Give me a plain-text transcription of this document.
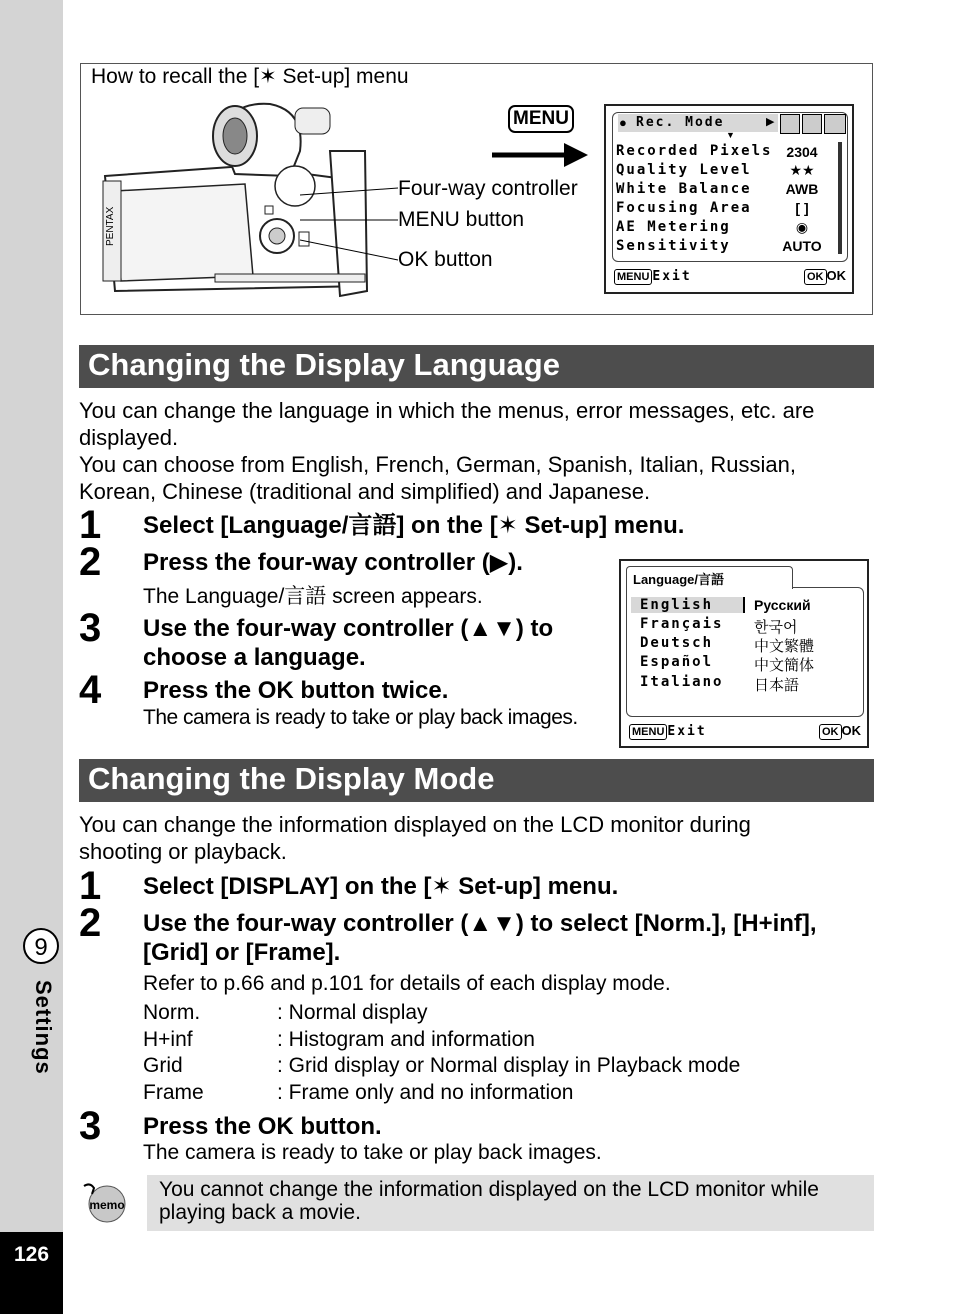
9
Settings
126
How to recall the [✶ Set-up] menu
PENTAX
Four-way controller
MENU button
OK button
MENU	● Rec. Mode	▶
▼
Recorded Pixels 2304
Quality Level	★★
White Balance	AWB
Focusing Area	[ ]
AE Metering	◉
Sensitivity	AUTO
MENU Exit	OK OK
Changing the Display Language
You can change the language in which the menus, error messages, etc. are displayed.
You can choose from English, French, German, Spanish, Italian, Russian, Korean, Chinese (traditional and simplified) and Japanese.
1 Select [Language/言語] on the [✶ Set-up] menu.
2 Press the four-way controller (▶).
The Language/言語 screen appears.
3 Use the four-way controller (▲▼) to choose a language.
4 Press the OK button twice.
The camera is ready to take or play back images.
Language/言語
English
Français
Deutsch
Español
Italiano
Русский
한국어
中文繁體
中文簡体
日本語
MENU Exit	OK OK
Changing the Display Mode
You can change the information displayed on the LCD monitor during shooting or playback.
1 Select [DISPLAY] on the [✶ Set-up] menu.
2 Use the four-way controller (▲▼) to select [Norm.], [H+inf], [Grid] or [Frame].
Refer to p.66 and p.101 for details of each display mode.
Norm.	: Normal display
H+inf	: Histogram and information
Grid	: Grid display or Normal display in Playback mode
Frame	: Frame only and no information
3 Press the OK button.
The camera is ready to take or play back images.
memo
You cannot change the information displayed on the LCD monitor while playing back a movie.
